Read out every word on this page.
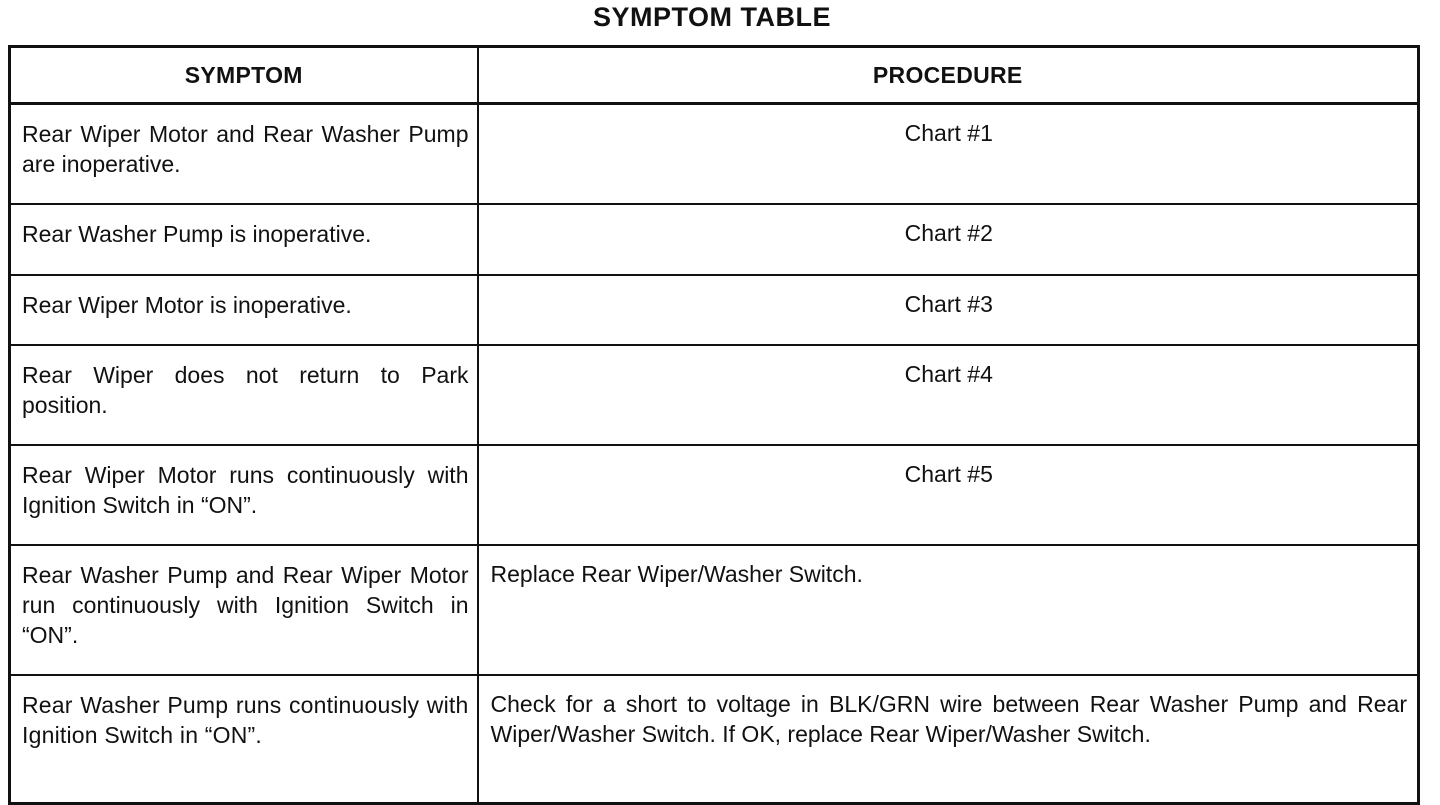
SYMPTOM TABLE
SYMPTOM	PROCEDURE
Rear Wiper Motor and Rear Washer Pump are inoperative.	Chart #1
Rear Washer Pump is inoperative.	Chart #2
Rear Wiper Motor is inoperative.	Chart #3
Rear Wiper does not return to Park position.	Chart #4
Rear Wiper Motor runs continuously with Ignition Switch in “ON”.	Chart #5
Rear Washer Pump and Rear Wiper Motor run continuously with Ignition Switch in “ON”.	Replace Rear Wiper/Washer Switch.
Rear Washer Pump runs continuously with Ignition Switch in “ON”.	Check for a short to voltage in BLK/GRN wire between Rear Washer Pump and Rear Wiper/Washer Switch. If OK, replace Rear Wiper/Washer Switch.
